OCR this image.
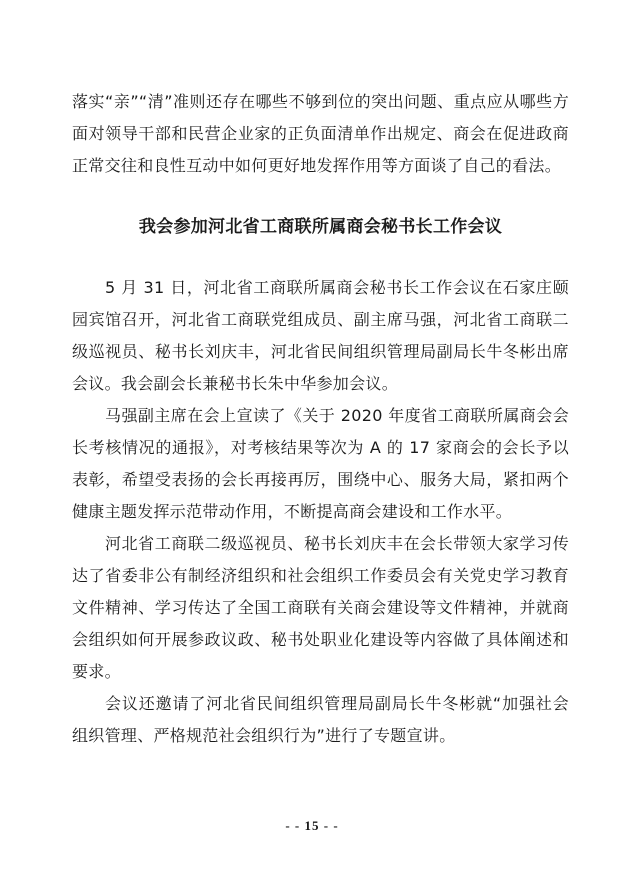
落实“亲”“清”准则还存在哪些不够到位的突出问题、重点应从哪些方面对领导干部和民营企业家的正负面清单作出规定、商会在促进政商正常交往和良性互动中如何更好地发挥作用等方面谈了自己的看法。

我会参加河北省工商联所属商会秘书长工作会议

5 月 31 日，河北省工商联所属商会秘书长工作会议在石家庄颐园宾馆召开，河北省工商联党组成员、副主席马强，河北省工商联二级巡视员、秘书长刘庆丰，河北省民间组织管理局副局长牛冬彬出席会议。我会副会长兼秘书长朱中华参加会议。

马强副主席在会上宣读了《关于 2020 年度省工商联所属商会会长考核情况的通报》，对考核结果等次为 A 的 17 家商会的会长予以表彰，希望受表扬的会长再接再厉，围绕中心、服务大局，紧扣两个健康主题发挥示范带动作用，不断提高商会建设和工作水平。

河北省工商联二级巡视员、秘书长刘庆丰在会长带领大家学习传达了省委非公有制经济组织和社会组织工作委员会有关党史学习教育文件精神、学习传达了全国工商联有关商会建设等文件精神，并就商会组织如何开展参政议政、秘书处职业化建设等内容做了具体阐述和要求。

会议还邀请了河北省民间组织管理局副局长牛冬彬就“加强社会组织管理、严格规范社会组织行为”进行了专题宣讲。

- - 15 - -
